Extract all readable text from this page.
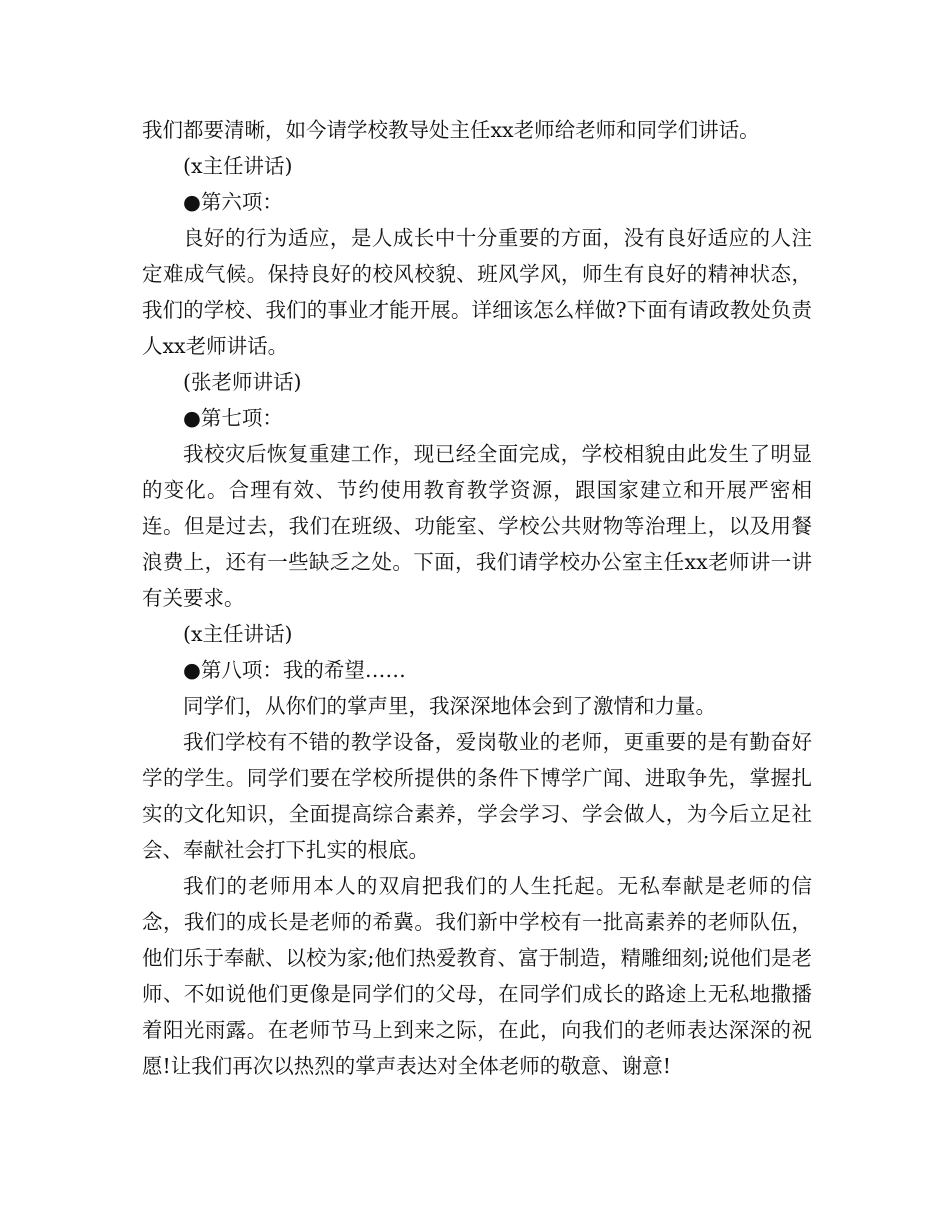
我们都要清晰，如今请学校教导处主任xx老师给老师和同学们讲话。

(x主任讲话)

●第六项：

良好的行为适应，是人成长中十分重要的方面，没有良好适应的人注定难成气候。保持良好的校风校貌、班风学风，师生有良好的精神状态，我们的学校、我们的事业才能开展。详细该怎么样做?下面有请政教处负责人xx老师讲话。

(张老师讲话)

●第七项：

我校灾后恢复重建工作，现已经全面完成，学校相貌由此发生了明显的变化。合理有效、节约使用教育教学资源，跟国家建立和开展严密相连。但是过去，我们在班级、功能室、学校公共财物等治理上，以及用餐浪费上，还有一些缺乏之处。下面，我们请学校办公室主任xx老师讲一讲有关要求。

(x主任讲话)

●第八项：我的希望……

同学们，从你们的掌声里，我深深地体会到了激情和力量。

我们学校有不错的教学设备，爱岗敬业的老师，更重要的是有勤奋好学的学生。同学们要在学校所提供的条件下博学广闻、进取争先，掌握扎实的文化知识，全面提高综合素养，学会学习、学会做人，为今后立足社会、奉献社会打下扎实的根底。

我们的老师用本人的双肩把我们的人生托起。无私奉献是老师的信念，我们的成长是老师的希冀。我们新中学校有一批高素养的老师队伍，他们乐于奉献、以校为家;他们热爱教育、富于制造，精雕细刻;说他们是老师、不如说他们更像是同学们的父母，在同学们成长的路途上无私地撒播着阳光雨露。在老师节马上到来之际，在此，向我们的老师表达深深的祝愿!让我们再次以热烈的掌声表达对全体老师的敬意、谢意!
